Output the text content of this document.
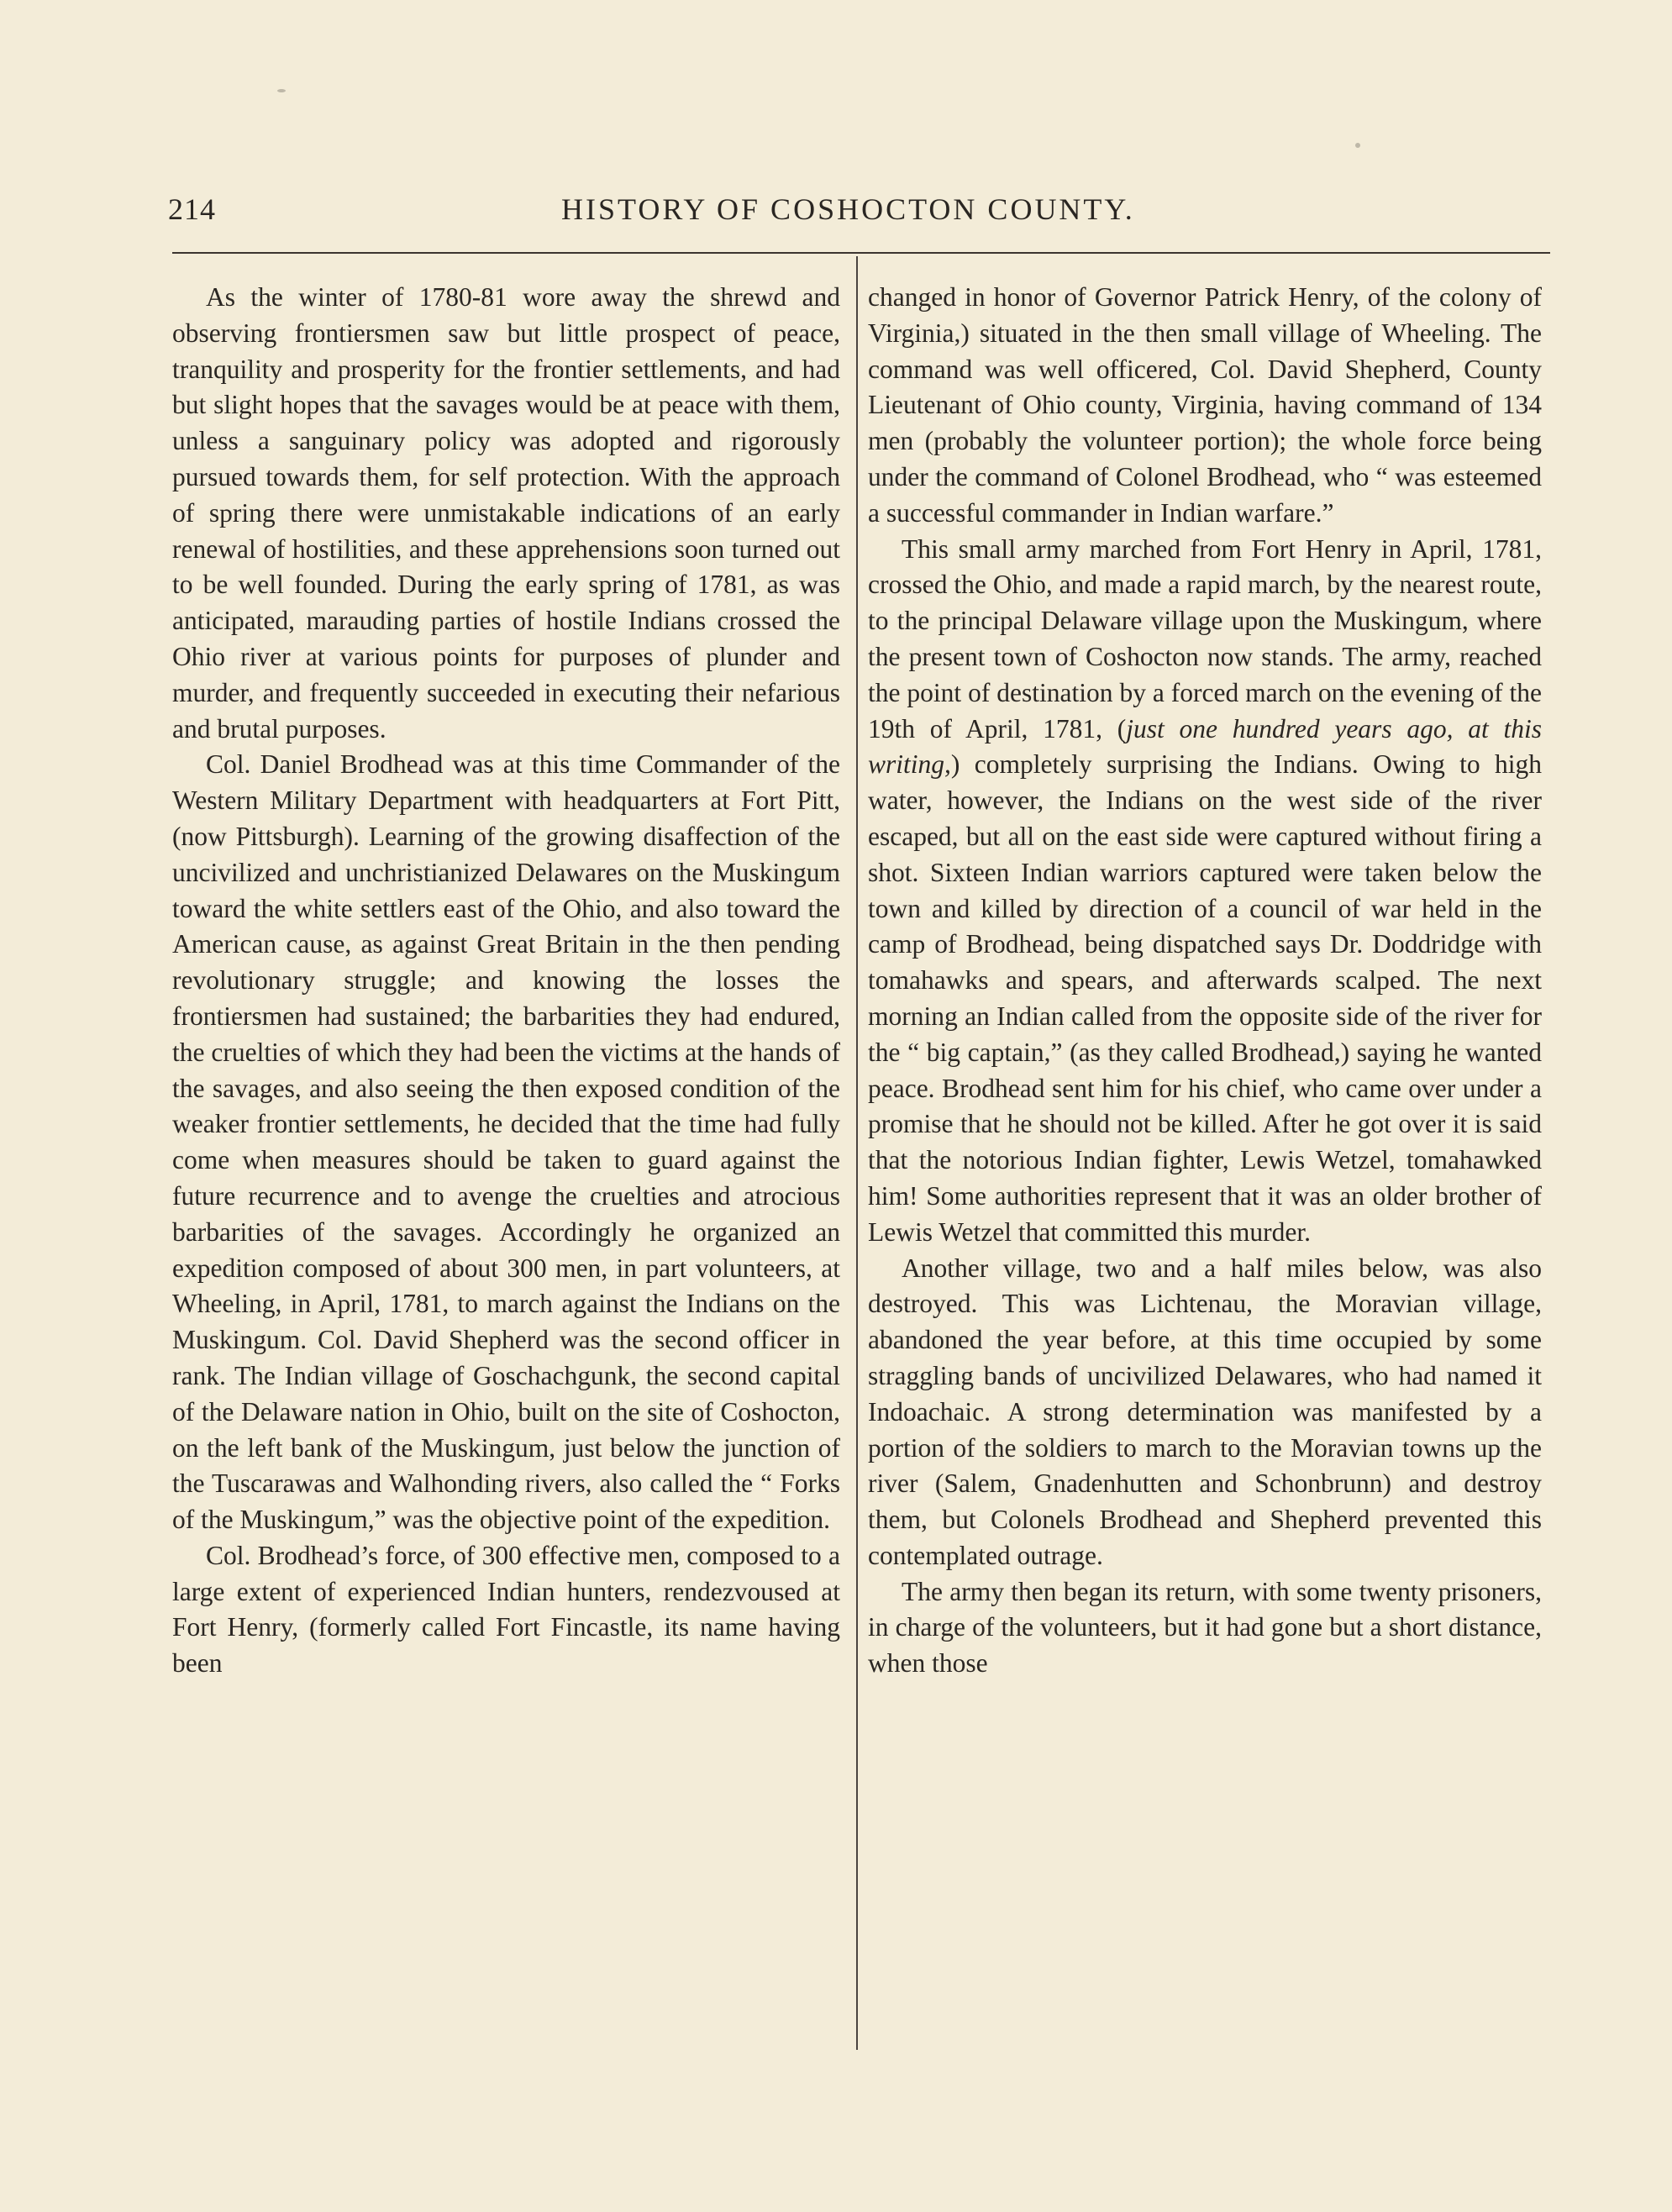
214	HISTORY OF COSHOCTON COUNTY.

As the winter of 1780-81 wore away the shrewd and observing frontiersmen saw but little prospect of peace, tranquility and prosperity for the frontier settlements, and had but slight hopes that the savages would be at peace with them, unless a sanguinary policy was adopted and rigorously pursued towards them, for self protection. With the approach of spring there were unmistakable indications of an early renewal of hostilities, and these apprehensions soon turned out to be well founded. During the early spring of 1781, as was anticipated, marauding parties of hostile Indians crossed the Ohio river at various points for purposes of plunder and murder, and frequently succeeded in executing their nefarious and brutal purposes.

Col. Daniel Brodhead was at this time Commander of the Western Military Department with headquarters at Fort Pitt, (now Pittsburgh). Learning of the growing disaffection of the uncivilized and unchristianized Delawares on the Muskingum toward the white settlers east of the Ohio, and also toward the American cause, as against Great Britain in the then pending revolutionary struggle; and knowing the losses the frontiersmen had sustained; the barbarities they had endured, the cruelties of which they had been the victims at the hands of the savages, and also seeing the then exposed condition of the weaker frontier settlements, he decided that the time had fully come when measures should be taken to guard against the future recurrence and to avenge the cruelties and atrocious barbarities of the savages. Accordingly he organized an expedition composed of about 300 men, in part volunteers, at Wheeling, in April, 1781, to march against the Indians on the Muskingum. Col. David Shepherd was the second officer in rank. The Indian village of Goschachgunk, the second capital of the Delaware nation in Ohio, built on the site of Coshocton, on the left bank of the Muskingum, just below the junction of the Tuscarawas and Walhonding rivers, also called the “ Forks of the Muskingum,” was the objective point of the expedition.

Col. Brodhead’s force, of 300 effective men, composed to a large extent of experienced Indian hunters, rendezvoused at Fort Henry, (formerly called Fort Fincastle, its name having been

changed in honor of Governor Patrick Henry, of the colony of Virginia,) situated in the then small village of Wheeling. The command was well officered, Col. David Shepherd, County Lieutenant of Ohio county, Virginia, having command of 134 men (probably the volunteer portion); the whole force being under the command of Colonel Brodhead, who “ was esteemed a successful commander in Indian warfare.”

This small army marched from Fort Henry in April, 1781, crossed the Ohio, and made a rapid march, by the nearest route, to the principal Delaware village upon the Muskingum, where the present town of Coshocton now stands. The army, reached the point of destination by a forced march on the evening of the 19th of April, 1781, (just one hundred years ago, at this writing,) completely surprising the Indians. Owing to high water, however, the Indians on the west side of the river escaped, but all on the east side were captured without firing a shot. Sixteen Indian warriors captured were taken below the town and killed by direction of a council of war held in the camp of Brodhead, being dispatched says Dr. Doddridge with tomahawks and spears, and afterwards scalped. The next morning an Indian called from the opposite side of the river for the “ big captain,” (as they called Brodhead,) saying he wanted peace. Brodhead sent him for his chief, who came over under a promise that he should not be killed. After he got over it is said that the notorious Indian fighter, Lewis Wetzel, tomahawked him! Some authorities represent that it was an older brother of Lewis Wetzel that committed this murder.

Another village, two and a half miles below, was also destroyed. This was Lichtenau, the Moravian village, abandoned the year before, at this time occupied by some straggling bands of uncivilized Delawares, who had named it Indoachaic. A strong determination was manifested by a portion of the soldiers to march to the Moravian towns up the river (Salem, Gnadenhutten and Schonbrunn) and destroy them, but Colonels Brodhead and Shepherd prevented this contemplated outrage.

The army then began its return, with some twenty prisoners, in charge of the volunteers, but it had gone but a short distance, when those
